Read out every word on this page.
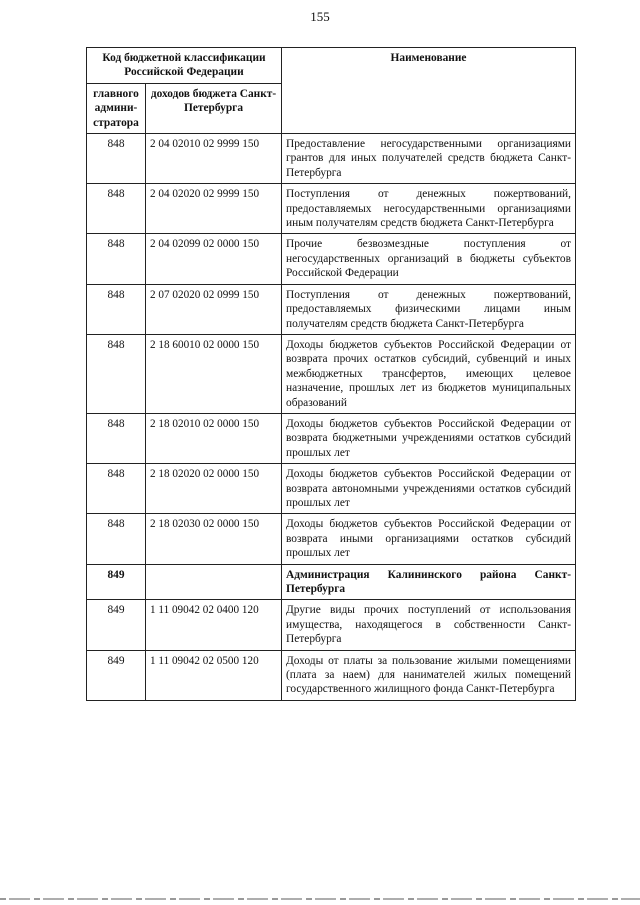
155
Код бюджетной классификации Российской Федерации		Наименование
главного админи-стратора	доходов бюджета Санкт-Петербурга	
848	2 04 02010 02 9999 150	Предоставление негосударственными организациями грантов для иных получателей средств бюджета Санкт-Петербурга
848	2 04 02020 02 9999 150	Поступления от денежных пожертвований, предоставляемых негосударственными организациями иным получателям средств бюджета Санкт-Петербурга
848	2 04 02099 02 0000 150	Прочие безвозмездные поступления от негосударственных организаций в бюджеты субъектов Российской Федерации
848	2 07 02020 02 0999 150	Поступления от денежных пожертвований, предоставляемых физическими лицами иным получателям средств бюджета Санкт-Петербурга
848	2 18 60010 02 0000 150	Доходы бюджетов субъектов Российской Федерации от возврата прочих остатков субсидий, субвенций и иных межбюджетных трансфертов, имеющих целевое назначение, прошлых лет из бюджетов муниципальных образований
848	2 18 02010 02 0000 150	Доходы бюджетов субъектов Российской Федерации от возврата бюджетными учреждениями остатков субсидий прошлых лет
848	2 18 02020 02 0000 150	Доходы бюджетов субъектов Российской Федерации от возврата автономными учреждениями остатков субсидий прошлых лет
848	2 18 02030 02 0000 150	Доходы бюджетов субъектов Российской Федерации от возврата иными организациями остатков субсидий прошлых лет
849		Администрация Калининского района Санкт-Петербурга
849	1 11 09042 02 0400 120	Другие виды прочих поступлений от использования имущества, находящегося в собственности Санкт-Петербурга
849	1 11 09042 02 0500 120	Доходы от платы за пользование жилыми помещениями (плата за наем) для нанимателей жилых помещений государственного жилищного фонда Санкт-Петербурга
